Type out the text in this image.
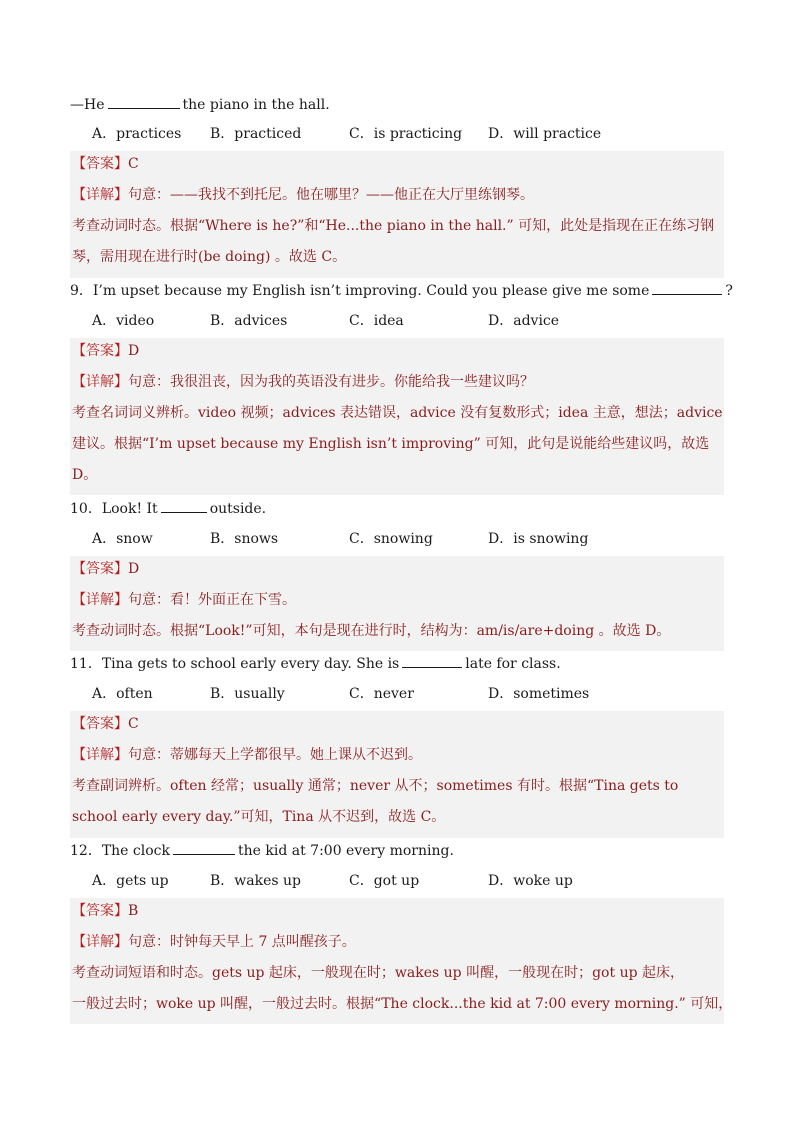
—He	the piano in the hall.
A．practices B．practiced	C．is practicing D．will practice
【答案】C
【详解】句意：——我找不到托尼。他在哪里？——他正在大厅里练钢琴。
考查动词时态。根据“Where is he?”和“He...the piano in the hall.” 可知，此处是指现在正在练习钢
琴，需用现在进行时(be doing) 。故选 C。
9．I’m upset because my English isn’t improving. Could you please give me some	?
A．video	B．advices	C．idea	D．advice
【答案】D
【详解】句意：我很沮丧，因为我的英语没有进步。你能给我一些建议吗？
考查名词词义辨析。video 视频；advices 表达错误，advice 没有复数形式；idea 主意，想法；advice
建议。根据“I’m upset because my English isn’t improving” 可知，此句是说能给些建议吗，故选
D。
10．Look! It	outside.
A．snow	B．snows	C．snowing	D．is snowing
【答案】D
【详解】句意：看！外面正在下雪。
考查动词时态。根据“Look!”可知，本句是现在进行时，结构为：am/is/are+doing 。故选 D。
11．Tina gets to school early every day. She is	late for class.
A．often	B．usually	C．never	D．sometimes
【答案】C
【详解】句意：蒂娜每天上学都很早。她上课从不迟到。
考查副词辨析。often 经常；usually 通常；never 从不；sometimes 有时。根据“Tina gets to
school early every day.”可知，Tina 从不迟到，故选 C。
12．The clock	the kid at 7:00 every morning.
A．gets up	B．wakes up	C．got up	D．woke up
【答案】B
【详解】句意：时钟每天早上 7 点叫醒孩子。
考查动词短语和时态。gets up 起床，一般现在时；wakes up 叫醒，一般现在时；got up 起床，
一般过去时；woke up 叫醒，一般过去时。根据“The clock...the kid at 7:00 every morning.” 可知，
